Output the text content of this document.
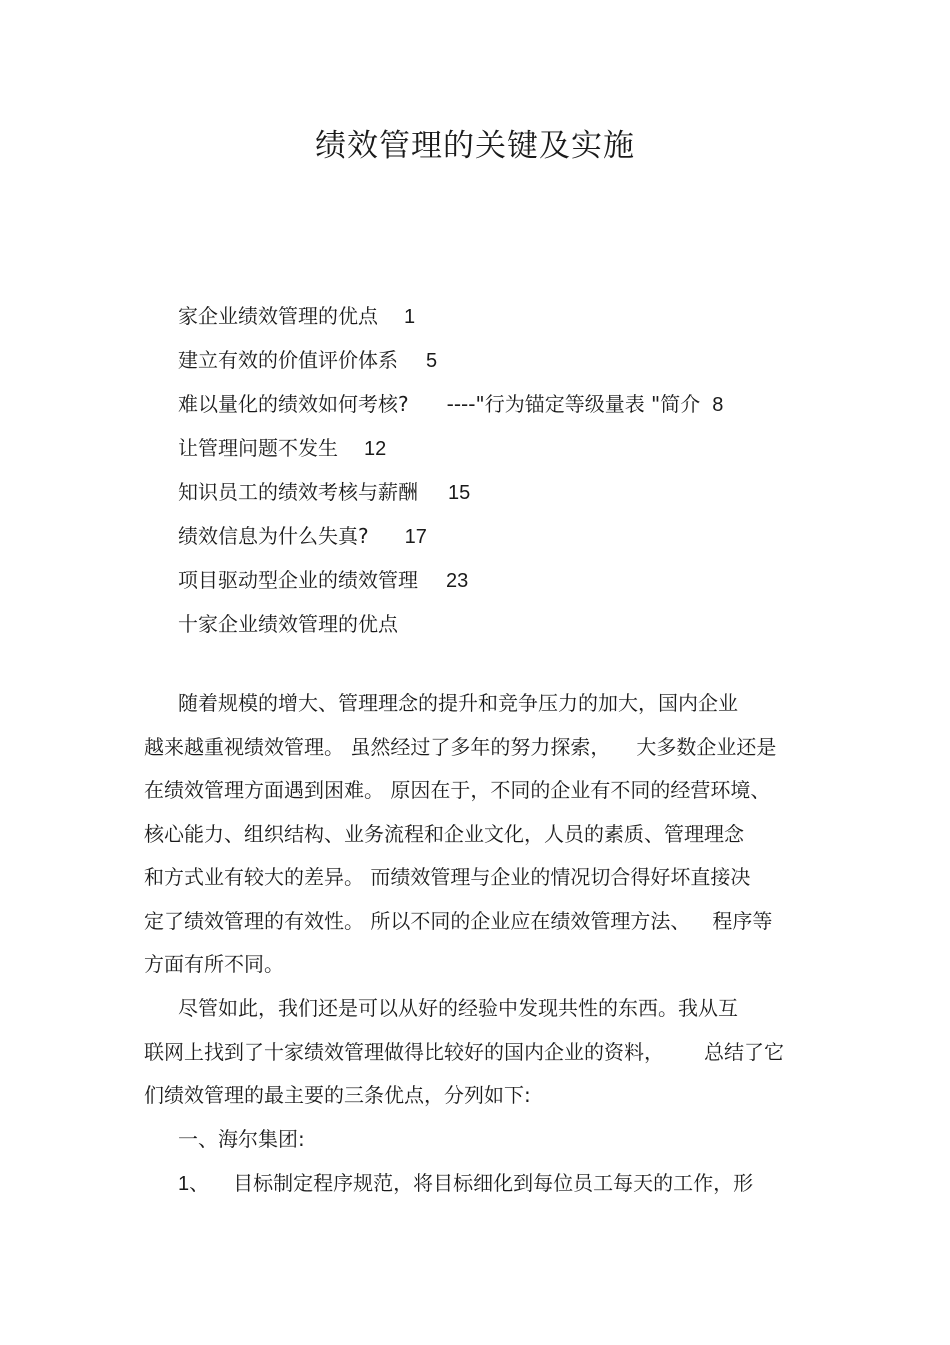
绩效管理的关键及实施
家企业绩效管理的优点 1
建立有效的价值评价体系 5
难以量化的绩效如何考核? ----"行为锚定等级量表 "简介 8
让管理问题不发生 12
知识员工的绩效考核与薪酬 15
绩效信息为什么失真? 17
项目驱动型企业的绩效管理 23
十家企业绩效管理的优点
随着规模的增大、管理理念的提升和竞争压力的加大，国内企业
越来越重视绩效管理。 虽然经过了多年的努力探索， 大多数企业还是
在绩效管理方面遇到困难。 原因在于，不同的企业有不同的经营环境、
核心能力、组织结构、业务流程和企业文化，人员的素质、管理理念
和方式业有较大的差异。 而绩效管理与企业的情况切合得好坏直接决
定了绩效管理的有效性。 所以不同的企业应在绩效管理方法、 程序等
方面有所不同。
尽管如此，我们还是可以从好的经验中发现共性的东西。我从互
联网上找到了十家绩效管理做得比较好的国内企业的资料， 总结了它
们绩效管理的最主要的三条优点，分列如下:
一、海尔集团:
1、 目标制定程序规范，将目标细化到每位员工每天的工作，形
